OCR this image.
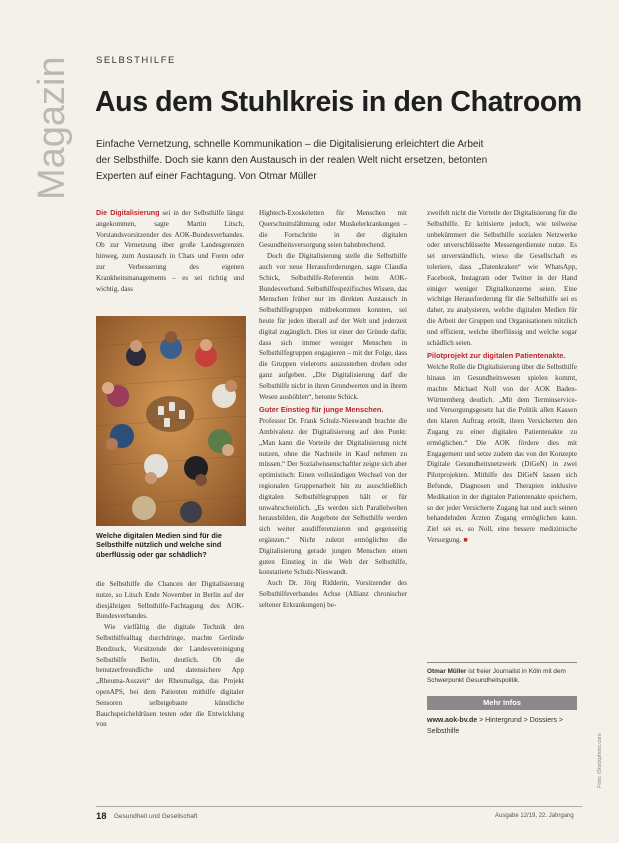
Magazin SELBSTHILFE
Aus dem Stuhlkreis in den Chatroom
Einfache Vernetzung, schnelle Kommunikation – die Digitalisierung erleichtert die Arbeit der Selbsthilfe. Doch sie kann den Austausch in der realen Welt nicht ersetzen, betonten Experten auf einer Fachtagung. Von Otmar Müller

Die Digitalisierung sei in der Selbsthilfe längst angekommen, sagte Martin Litsch, Vorstandsvorsitzender des AOK-Bundesverbandes. Ob zur Vernetzung über große Landesgrenzen hinweg, zum Austausch in Chats und Foren oder zur Verbesserung des eigenen Krankheitsmanagements – es sei richtig und wichtig, dass

Welche digitalen Medien sind für die Selbsthilfe nützlich und welche sind überflüssig oder gar schädlich?

die Selbsthilfe die Chancen der Digitalisierung nutze, so Litsch Ende November in Berlin auf der diesjährigen Selbsthilfe-Fachtagung des AOK-Bundesverbandes.

Wie vielfältig die digitale Technik den Selbsthilfealltag durchdringe, machte Gerlinde Bendzuck, Vorsitzende der Landesvereinigung Selbsthilfe Berlin, deutlich. Ob die benutzerfreundliche und datensichere App „Rheuma-Auszeit“ der Rheumaliga, das Projekt openAPS, bei dem Patienten mithilfe digitaler Sensoren selbstgebaute künstliche Bauchspeicheldrüsen testen oder die Entwicklung von

Hightech-Exoskeletten für Menschen mit Querschnittslähmung oder Muskelerkrankungen – die Fortschritte in der digitalen Gesundheitsversorgung seien bahnbrechend.

Doch die Digitalisierung stelle die Selbsthilfe auch vor neue Herausforderungen, sagte Claudia Schick, Selbsthilfe-Referentin beim AOK-Bundesverband. Selbsthilfespezifisches Wissen, das Menschen früher nur im direkten Austausch in Selbsthilfegruppen mitbekommen konnten, sei heute für jeden überall auf der Welt und jederzeit digital zugänglich. Dies ist einer der Gründe dafür, dass sich immer weniger Menschen in Selbsthilfegruppen engagieren – mit der Folge, dass die Gruppen vielerorts auszusterben drohen oder ganz aufgeben. „Die Digitalisierung darf die Selbsthilfe nicht in ihren Grundwerten und in ihrem Wesen aushöhlen“, betonte Schick.

Guter Einstieg für junge Menschen.
Professor Dr. Frank Schulz-Nieswandt brachte die Ambivalenz der Digitalisierung auf den Punkt: „Man kann die Vorteile der Digitalisierung nicht nutzen, ohne die Nachteile in Kauf nehmen zu müssen.“ Der Sozialwissenschaftler zeigte sich aber optimistisch: Einen vollständigen Wechsel von der regionalen Gruppenarbeit hin zu ausschließlich digitalen Selbsthilfegruppen hält er für unwahrscheinlich. „Es werden sich Parallelwelten herausbilden, die Angebote der Selbsthilfe werden sich weiter ausdifferenzieren und gegenseitig ergänzen.“ Nicht zuletzt ermöglichte die Digitalisierung gerade jungen Menschen einen guten Einstieg in die Welt der Selbsthilfe, konstatierte Schulz-Nieswandt.

Auch Dr. Jörg Ridderin, Vorsitzender des Selbsthilfeverbandes Achse (Allianz chronischer seltener Erkrankungen) be-

zweifelt nicht die Vorteile der Digitalisierung für die Selbsthilfe. Er kritisierte jedoch, wie teilweise unbekümmert die Selbsthilfe sozialen Netzwerke oder unverschlüsselte Messengerdienste nutze. Es sei unverständlich, wieso die Gesellschaft es toleriere, dass „Datenkraken“ wie WhatsApp, Facebook, Instagram oder Twitter in der Hand einiger weniger Digitalkonzerne seien. Eine wichtige Herausforderung für die Selbsthilfe sei es daher, zu analysieren, welche digitalen Medien für die Arbeit der Gruppen und Organisationen nützlich und effizient, welche überflüssig und welche sogar schädlich seien.

Pilotprojekt zur digitalen Patientenakte.
Welche Rolle die Digitalisierung über die Selbsthilfe hinaus im Gesundheitswesen spielen kommt, machte Michael Noll von der AOK Baden-Württemberg deutlich. „Mit dem Terminservice- und Versorgungsgesetz hat die Politik allen Kassen den klaren Auftrag erteilt, ihren Versicherten den Zugang zu einer digitalen Patientenakte zu ermöglichen.“ Die AOK fördere dies mit Engagement und setze zudem das von der Konzepte Digitale Gesundheitsnetzwerk (DiGeN) in zwei Pilotprojekten. Mithilfe des DiGeN lassen sich Befunde, Diagnosen und Therapien inklusive Medikation in der digitalen Patientenakte speichern, so der jeder Versicherte Zugang hat und auch seinen behandelnden Ärzten Zugang ermöglichen kann. Ziel sei es, so Noll, eine bessere medizinische Versorgung. ■

Otmar Müller ist freier Journalist in Köln mit dem Schwerpunkt Gesundheitspolitik.
Mehr Infos
www.aok-bv.de > Hintergrund > Dossiers > Selbsthilfe
Foto: iStockphoto.com
18 Gesundheit und Gesellschaft	Ausgabe 12/19, 22. Jahrgang
